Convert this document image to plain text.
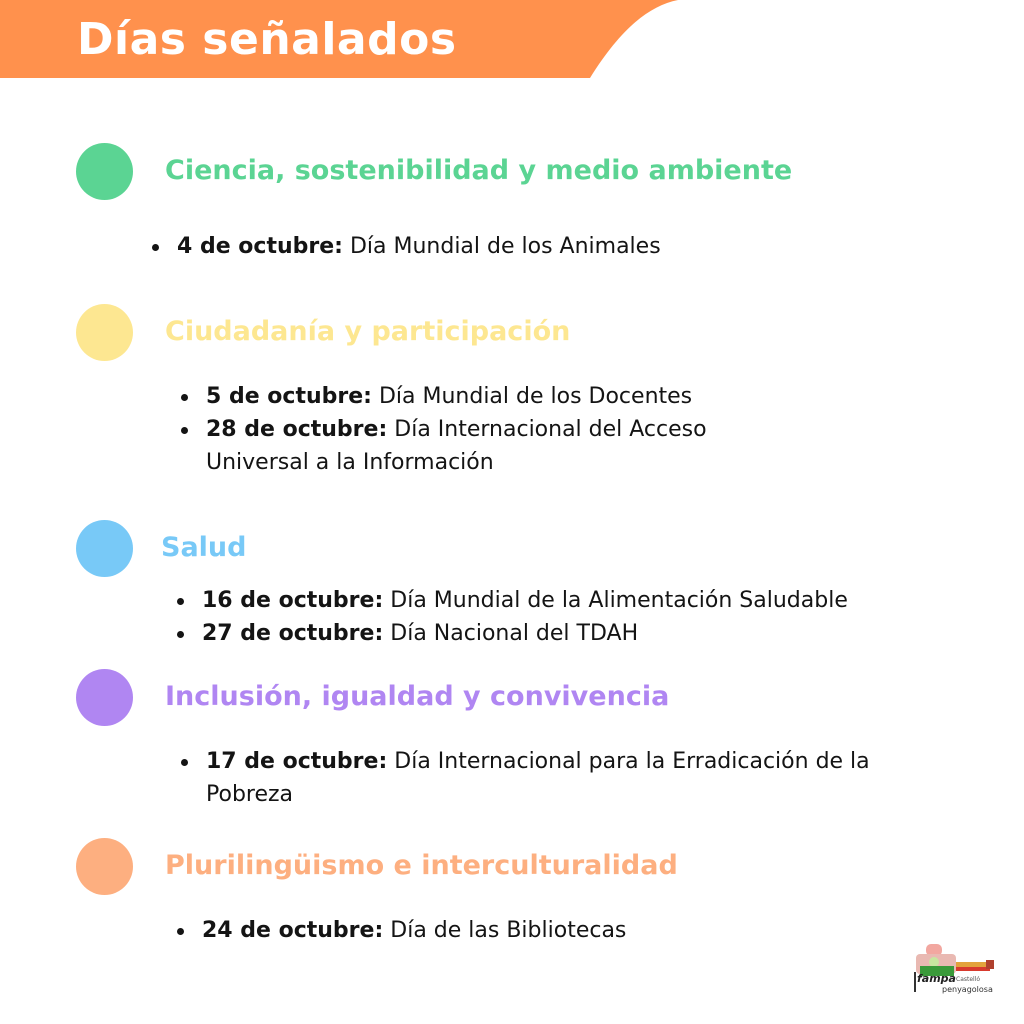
Días señalados
Ciencia, sostenibilidad y medio ambiente
4 de octubre: Día Mundial de los Animales
Ciudadanía y participación
5 de octubre: Día Mundial de los Docentes
28 de octubre: Día Internacional del Acceso
Universal a la Información
Salud
16 de octubre: Día Mundial de la Alimentación Saludable
27 de octubre: Día Nacional del TDAH
Inclusión, igualdad y convivencia
17 de octubre: Día Internacional para la Erradicación de la
Pobreza
Plurilingüismo e interculturalidad
24 de octubre: Día de las Bibliotecas
fampa Castelló
penyagolosa
